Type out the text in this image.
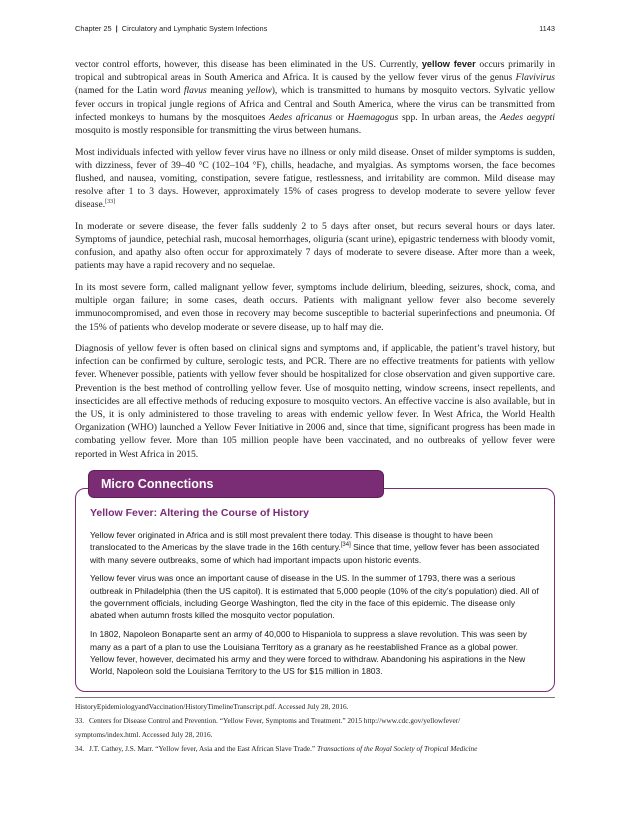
Chapter 25 | Circulatory and Lymphatic System Infections	1143

vector control efforts, however, this disease has been eliminated in the US. Currently, yellow fever occurs primarily in tropical and subtropical areas in South America and Africa. It is caused by the yellow fever virus of the genus Flavivirus (named for the Latin word flavus meaning yellow), which is transmitted to humans by mosquito vectors. Sylvatic yellow fever occurs in tropical jungle regions of Africa and Central and South America, where the virus can be transmitted from infected monkeys to humans by the mosquitoes Aedes africanus or Haemagogus spp. In urban areas, the Aedes aegypti mosquito is mostly responsible for transmitting the virus between humans.

Most individuals infected with yellow fever virus have no illness or only mild disease. Onset of milder symptoms is sudden, with dizziness, fever of 39–40 °C (102–104 °F), chills, headache, and myalgias. As symptoms worsen, the face becomes flushed, and nausea, vomiting, constipation, severe fatigue, restlessness, and irritability are common. Mild disease may resolve after 1 to 3 days. However, approximately 15% of cases progress to develop moderate to severe yellow fever disease.[33]

In moderate or severe disease, the fever falls suddenly 2 to 5 days after onset, but recurs several hours or days later. Symptoms of jaundice, petechial rash, mucosal hemorrhages, oliguria (scant urine), epigastric tenderness with bloody vomit, confusion, and apathy also often occur for approximately 7 days of moderate to severe disease. After more than a week, patients may have a rapid recovery and no sequelae.

In its most severe form, called malignant yellow fever, symptoms include delirium, bleeding, seizures, shock, coma, and multiple organ failure; in some cases, death occurs. Patients with malignant yellow fever also become severely immunocompromised, and even those in recovery may become susceptible to bacterial superinfections and pneumonia. Of the 15% of patients who develop moderate or severe disease, up to half may die.

Diagnosis of yellow fever is often based on clinical signs and symptoms and, if applicable, the patient’s travel history, but infection can be confirmed by culture, serologic tests, and PCR. There are no effective treatments for patients with yellow fever. Whenever possible, patients with yellow fever should be hospitalized for close observation and given supportive care. Prevention is the best method of controlling yellow fever. Use of mosquito netting, window screens, insect repellents, and insecticides are all effective methods of reducing exposure to mosquito vectors. An effective vaccine is also available, but in the US, it is only administered to those traveling to areas with endemic yellow fever. In West Africa, the World Health Organization (WHO) launched a Yellow Fever Initiative in 2006 and, since that time, significant progress has been made in combating yellow fever. More than 105 million people have been vaccinated, and no outbreaks of yellow fever were reported in West Africa in 2015.

Micro Connections
Yellow Fever: Altering the Course of History

Yellow fever originated in Africa and is still most prevalent there today. This disease is thought to have been translocated to the Americas by the slave trade in the 16th century.[34] Since that time, yellow fever has been associated with many severe outbreaks, some of which had important impacts upon historic events.

Yellow fever virus was once an important cause of disease in the US. In the summer of 1793, there was a serious outbreak in Philadelphia (then the US capitol). It is estimated that 5,000 people (10% of the city’s population) died. All of the government officials, including George Washington, fled the city in the face of this epidemic. The disease only abated when autumn frosts killed the mosquito vector population.

In 1802, Napoleon Bonaparte sent an army of 40,000 to Hispaniola to suppress a slave revolution. This was seen by many as a part of a plan to use the Louisiana Territory as a granary as he reestablished France as a global power. Yellow fever, however, decimated his army and they were forced to withdraw. Abandoning his aspirations in the New World, Napoleon sold the Louisiana Territory to the US for $15 million in 1803.

HistoryEpidemiologyandVaccination/HistoryTimelineTranscript.pdf. Accessed July 28, 2016.
33. Centers for Disease Control and Prevention. “Yellow Fever, Symptoms and Treatment.” 2015 http://www.cdc.gov/yellowfever/
symptoms/index.html. Accessed July 28, 2016.
34. J.T. Cathey, J.S. Marr. “Yellow fever, Asia and the East African Slave Trade.” Transactions of the Royal Society of Tropical Medicine
